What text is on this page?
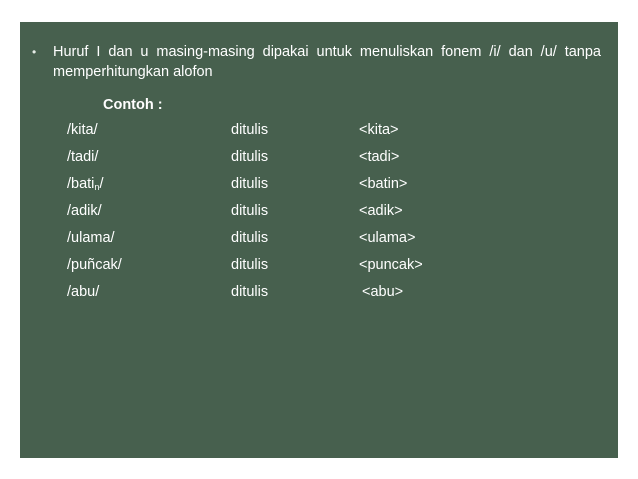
• Huruf I dan u masing-masing dipakai untuk menuliskan fonem /i/ dan /u/ tanpa memperhitungkan alofon
Contoh :
/kita/	ditulis	<kita>
/tadi/	ditulis	<tadi>
/bati$_n$/	ditulis	<batin>
/adik/	ditulis	<adik>
/ulama/	ditulis	<ulama>
/puñcak/	ditulis	<puncak>
/abu/	ditulis	<abu>
